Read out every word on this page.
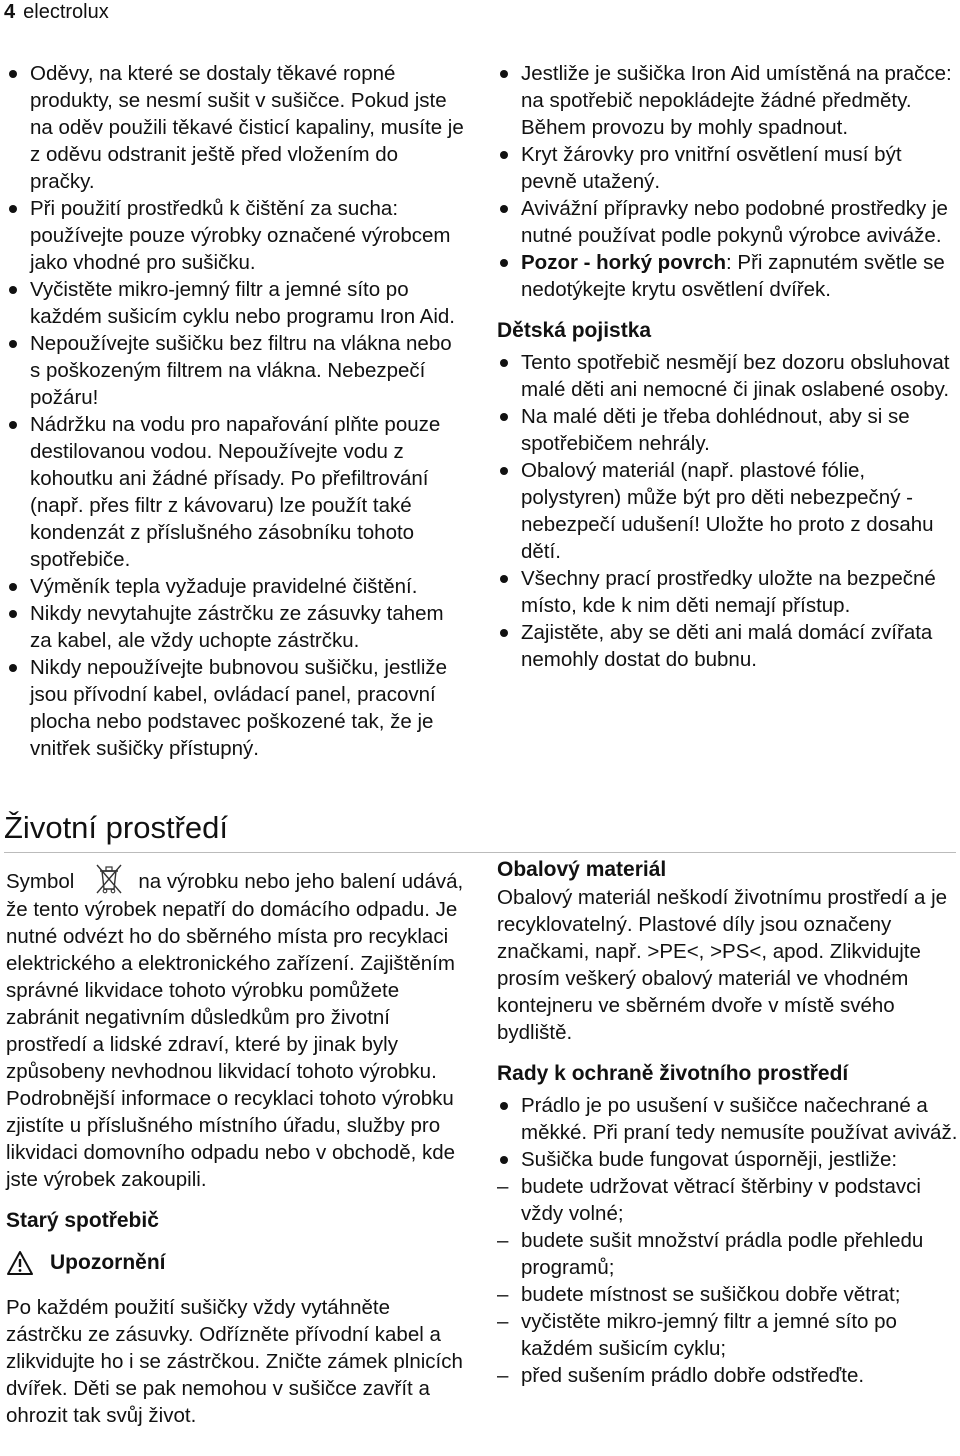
4 electrolux
Oděvy, na které se dostaly těkavé ropné produkty, se nesmí sušit v sušičce. Pokud jste na oděv použili těkavé čisticí kapaliny, musíte je z oděvu odstranit ještě před vložením do pračky.
Při použití prostředků k čištění za sucha: používejte pouze výrobky označené výrobcem jako vhodné pro sušičku.
Vyčistěte mikro-jemný filtr a jemné síto po každém sušicím cyklu nebo programu Iron Aid.
Nepoužívejte sušičku bez filtru na vlákna nebo s poškozeným filtrem na vlákna. Nebezpečí požáru!
Nádržku na vodu pro napařování plňte pouze destilovanou vodou. Nepoužívejte vodu z kohoutku ani žádné přísady. Po přefiltrování (např. přes filtr z kávovaru) lze použít také kondenzát z příslušného zásobníku tohoto spotřebiče.
Výměník tepla vyžaduje pravidelné čištění.
Nikdy nevytahujte zástrčku ze zásuvky tahem za kabel, ale vždy uchopte zástrčku.
Nikdy nepoužívejte bubnovou sušičku, jestliže jsou přívodní kabel, ovládací panel, pracovní plocha nebo podstavec poškozené tak, že je vnitřek sušičky přístupný.
Jestliže je sušička Iron Aid umístěná na pračce: na spotřebič nepokládejte žádné předměty. Během provozu by mohly spadnout.
Kryt žárovky pro vnitřní osvětlení musí být pevně utažený.
Avivážní přípravky nebo podobné prostředky je nutné používat podle pokynů výrobce aviváže.
Pozor - horký povrch: Při zapnutém světle se nedotýkejte krytu osvětlení dvířek.
Dětská pojistka
Tento spotřebič nesmějí bez dozoru obsluhovat malé děti ani nemocné či jinak oslabené osoby.
Na malé děti je třeba dohlédnout, aby si se spotřebičem nehrály.
Obalový materiál (např. plastové fólie, polystyren) může být pro děti nebezpečný - nebezpečí udušení! Uložte ho proto z dosahu dětí.
Všechny prací prostředky uložte na bezpečné místo, kde k nim děti nemají přístup.
Zajistěte, aby se děti ani malá domácí zvířata nemohly dostat do bubnu.
Životní prostředí

Symbol	na výrobku nebo jeho balení udává, že tento výrobek nepatří do domácího odpadu. Je nutné odvézt ho do sběrného místa pro recyklaci elektrického a elektronického zařízení. Zajištěním správné likvidace tohoto výrobku pomůžete zabránit negativním důsledkům pro životní prostředí a lidské zdraví, které by jinak byly způsobeny nevhodnou likvidací tohoto výrobku. Podrobnější informace o recyklaci tohoto výrobku zjistíte u příslušného místního úřadu, služby pro likvidaci domovního odpadu nebo v obchodě, kde jste výrobek zakoupili.

Starý spotřebič
Upozornění

Po každém použití sušičky vždy vytáhněte zástrčku ze zásuvky. Odřízněte přívodní kabel a zlikvidujte ho i se zástrčkou. Zničte zámek plnicích dvířek. Děti se pak nemohou v sušičce zavřít a ohrozit tak svůj život.

Obalový materiál

Obalový materiál neškodí životnímu prostředí a je recyklovatelný. Plastové díly jsou označeny značkami, např. >PE<, >PS<, apod. Zlikvidujte prosím veškerý obalový materiál ve vhodném kontejneru ve sběrném dvoře v místě svého bydliště.

Rady k ochraně životního prostředí
Prádlo je po usušení v sušičce načechrané a měkké. Při praní tedy nemusíte používat aviváž.
Sušička bude fungovat úsporněji, jestliže:
– budete udržovat větrací štěrbiny v podstavci vždy volné;
– budete sušit množství prádla podle přehledu programů;
– budete místnost se sušičkou dobře větrat;
– vyčistěte mikro-jemný filtr a jemné síto po každém sušicím cyklu;
– před sušením prádlo dobře odstřeďte.
